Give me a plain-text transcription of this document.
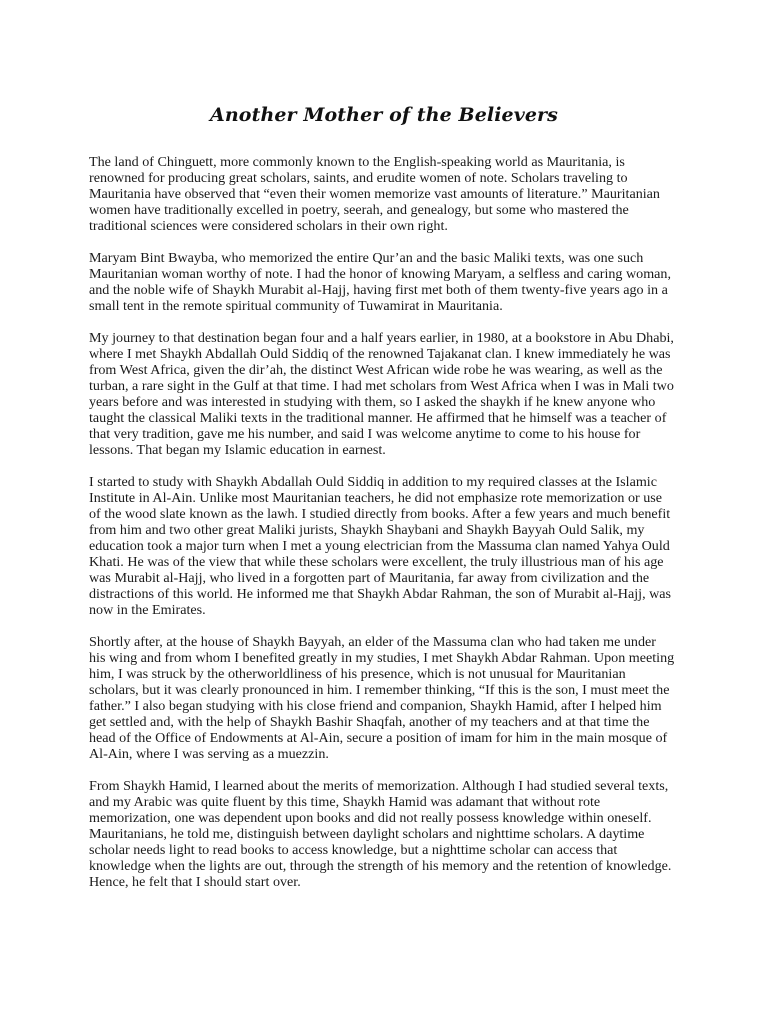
Another Mother of the Believers

The land of Chinguett, more commonly known to the English-speaking world as Mauritania, is renowned for producing great scholars, saints, and erudite women of note. Scholars traveling to Mauritania have observed that “even their women memorize vast amounts of literature.” Mauritanian women have traditionally excelled in poetry, seerah, and genealogy, but some who mastered the traditional sciences were considered scholars in their own right.

Maryam Bint Bwayba, who memorized the entire Qur’an and the basic Maliki texts, was one such Mauritanian woman worthy of note. I had the honor of knowing Maryam, a selfless and caring woman, and the noble wife of Shaykh Murabit al-Hajj, having first met both of them twenty-five years ago in a small tent in the remote spiritual community of Tuwamirat in Mauritania.

My journey to that destination began four and a half years earlier, in 1980, at a bookstore in Abu Dhabi, where I met Shaykh Abdallah Ould Siddiq of the renowned Tajakanat clan. I knew immediately he was from West Africa, given the dir’ah, the distinct West African wide robe he was wearing, as well as the turban, a rare sight in the Gulf at that time. I had met scholars from West Africa when I was in Mali two years before and was interested in studying with them, so I asked the shaykh if he knew anyone who taught the classical Maliki texts in the traditional manner. He affirmed that he himself was a teacher of that very tradition, gave me his number, and said I was welcome anytime to come to his house for lessons. That began my Islamic education in earnest.

I started to study with Shaykh Abdallah Ould Siddiq in addition to my required classes at the Islamic Institute in Al-Ain. Unlike most Mauritanian teachers, he did not emphasize rote memorization or use of the wood slate known as the lawh. I studied directly from books. After a few years and much benefit from him and two other great Maliki jurists, Shaykh Shaybani and Shaykh Bayyah Ould Salik, my education took a major turn when I met a young electrician from the Massuma clan named Yahya Ould Khati. He was of the view that while these scholars were excellent, the truly illustrious man of his age was Murabit al-Hajj, who lived in a forgotten part of Mauritania, far away from civilization and the distractions of this world. He informed me that Shaykh Abdar Rahman, the son of Murabit al-Hajj, was now in the Emirates.

Shortly after, at the house of Shaykh Bayyah, an elder of the Massuma clan who had taken me under his wing and from whom I benefited greatly in my studies, I met Shaykh Abdar Rahman. Upon meeting him, I was struck by the otherworldliness of his presence, which is not unusual for Mauritanian scholars, but it was clearly pronounced in him. I remember thinking, “If this is the son, I must meet the father.” I also began studying with his close friend and companion, Shaykh Hamid, after I helped him get settled and, with the help of Shaykh Bashir Shaqfah, another of my teachers and at that time the head of the Office of Endowments at Al-Ain, secure a position of imam for him in the main mosque of Al-Ain, where I was serving as a muezzin.

From Shaykh Hamid, I learned about the merits of memorization. Although I had studied several texts, and my Arabic was quite fluent by this time, Shaykh Hamid was adamant that without rote memorization, one was dependent upon books and did not really possess knowledge within oneself. Mauritanians, he told me, distinguish between daylight scholars and nighttime scholars. A daytime scholar needs light to read books to access knowledge, but a nighttime scholar can access that knowledge when the lights are out, through the strength of his memory and the retention of knowledge. Hence, he felt that I should start over.
